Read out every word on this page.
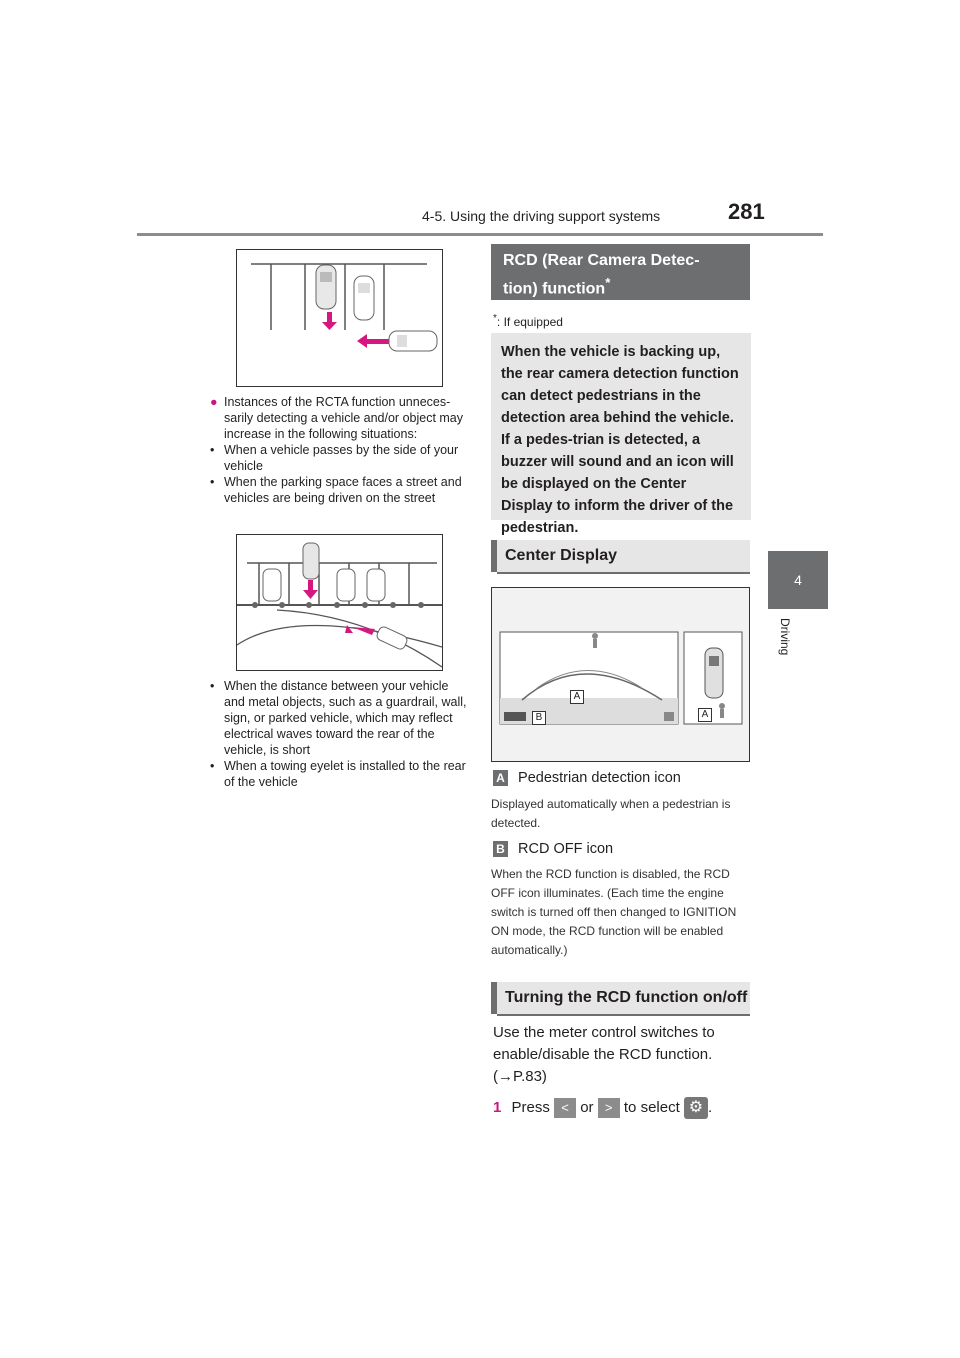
4-5. Using the driving support systems	281
4
Driving

● Instances of the RCTA function unneces-sarily detecting a vehicle and/or object may increase in the following situations:

• When a vehicle passes by the side of your vehicle

• When the parking space faces a street and vehicles are being driven on the street

• When the distance between your vehicle and metal objects, such as a guardrail, wall, sign, or parked vehicle, which may reflect electrical waves toward the rear of the vehicle, is short

• When a towing eyelet is installed to the rear of the vehicle

RCD (Rear Camera Detec-
tion) function*
*: If equipped
When the vehicle is backing up, the rear camera detection function can detect pedestrians in the detection area behind the vehicle. If a pedes-trian is detected, a buzzer will sound and an icon will be displayed on the Center Display to inform the driver of the pedestrian.
Center Display
A
B	A
A Pedestrian detection icon
Displayed automatically when a pedestrian is detected.
B RCD OFF icon
When the RCD function is disabled, the RCD OFF icon illuminates. (Each time the engine switch is turned off then changed to IGNITION ON mode, the RCD function will be enabled automatically.)
Turning the RCD function on/off
Use the meter control switches to enable/disable the RCD function.
(→P.83)
1 Press < or > to select ⚙ .
